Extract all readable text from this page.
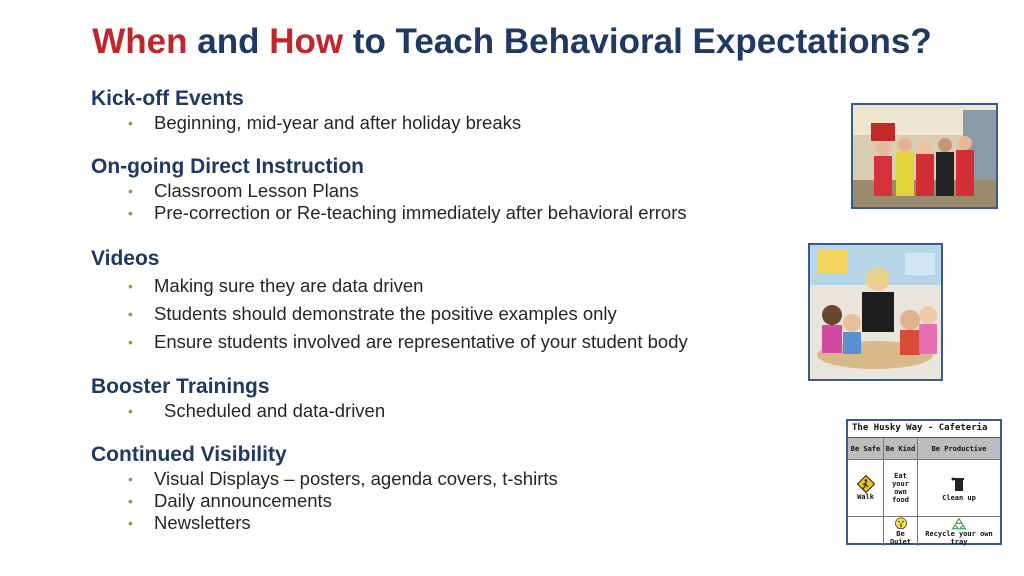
When and How to Teach Behavioral Expectations?
Kick-off Events
• Beginning, mid-year and after holiday breaks
On-going Direct Instruction
• Classroom Lesson Plans
• Pre-correction or Re-teaching immediately after behavioral errors
Videos
• Making sure they are data driven
• Students should demonstrate the positive examples only
• Ensure students involved are representative of your student body
Booster Trainings
• Scheduled and data-driven
Continued Visibility
• Visual Displays – posters, agenda covers, t-shirts
• Daily announcements
• Newsletters
The Husky Way - Cafeteria
Be Safe Be Kind	Be Productive
Walk
Eat your own food	Clean up
Be Quiet
Recycle your own tray
